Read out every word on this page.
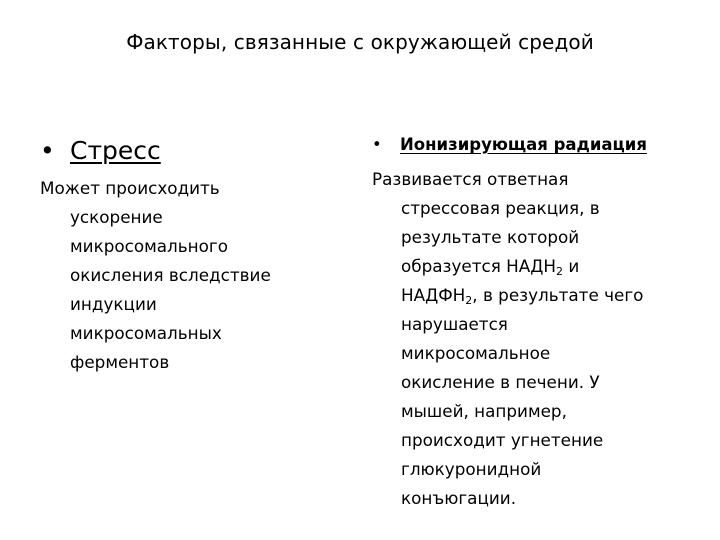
Факторы, связанные с окружающей средой
• Стресс
Может происходить
ускорение
микросомального
окисления вследствие
индукции
микросомальных
ферментов
• Ионизирующая радиация
Развивается ответная
стрессовая реакция, в
результате которой
образуется $НАДН_2$ и
$НАДФН_2$, в результате чего
нарушается
микросомальное
окисление в печени. У
мышей, например,
происходит угнетение
глюкуронидной
конъюгации.
